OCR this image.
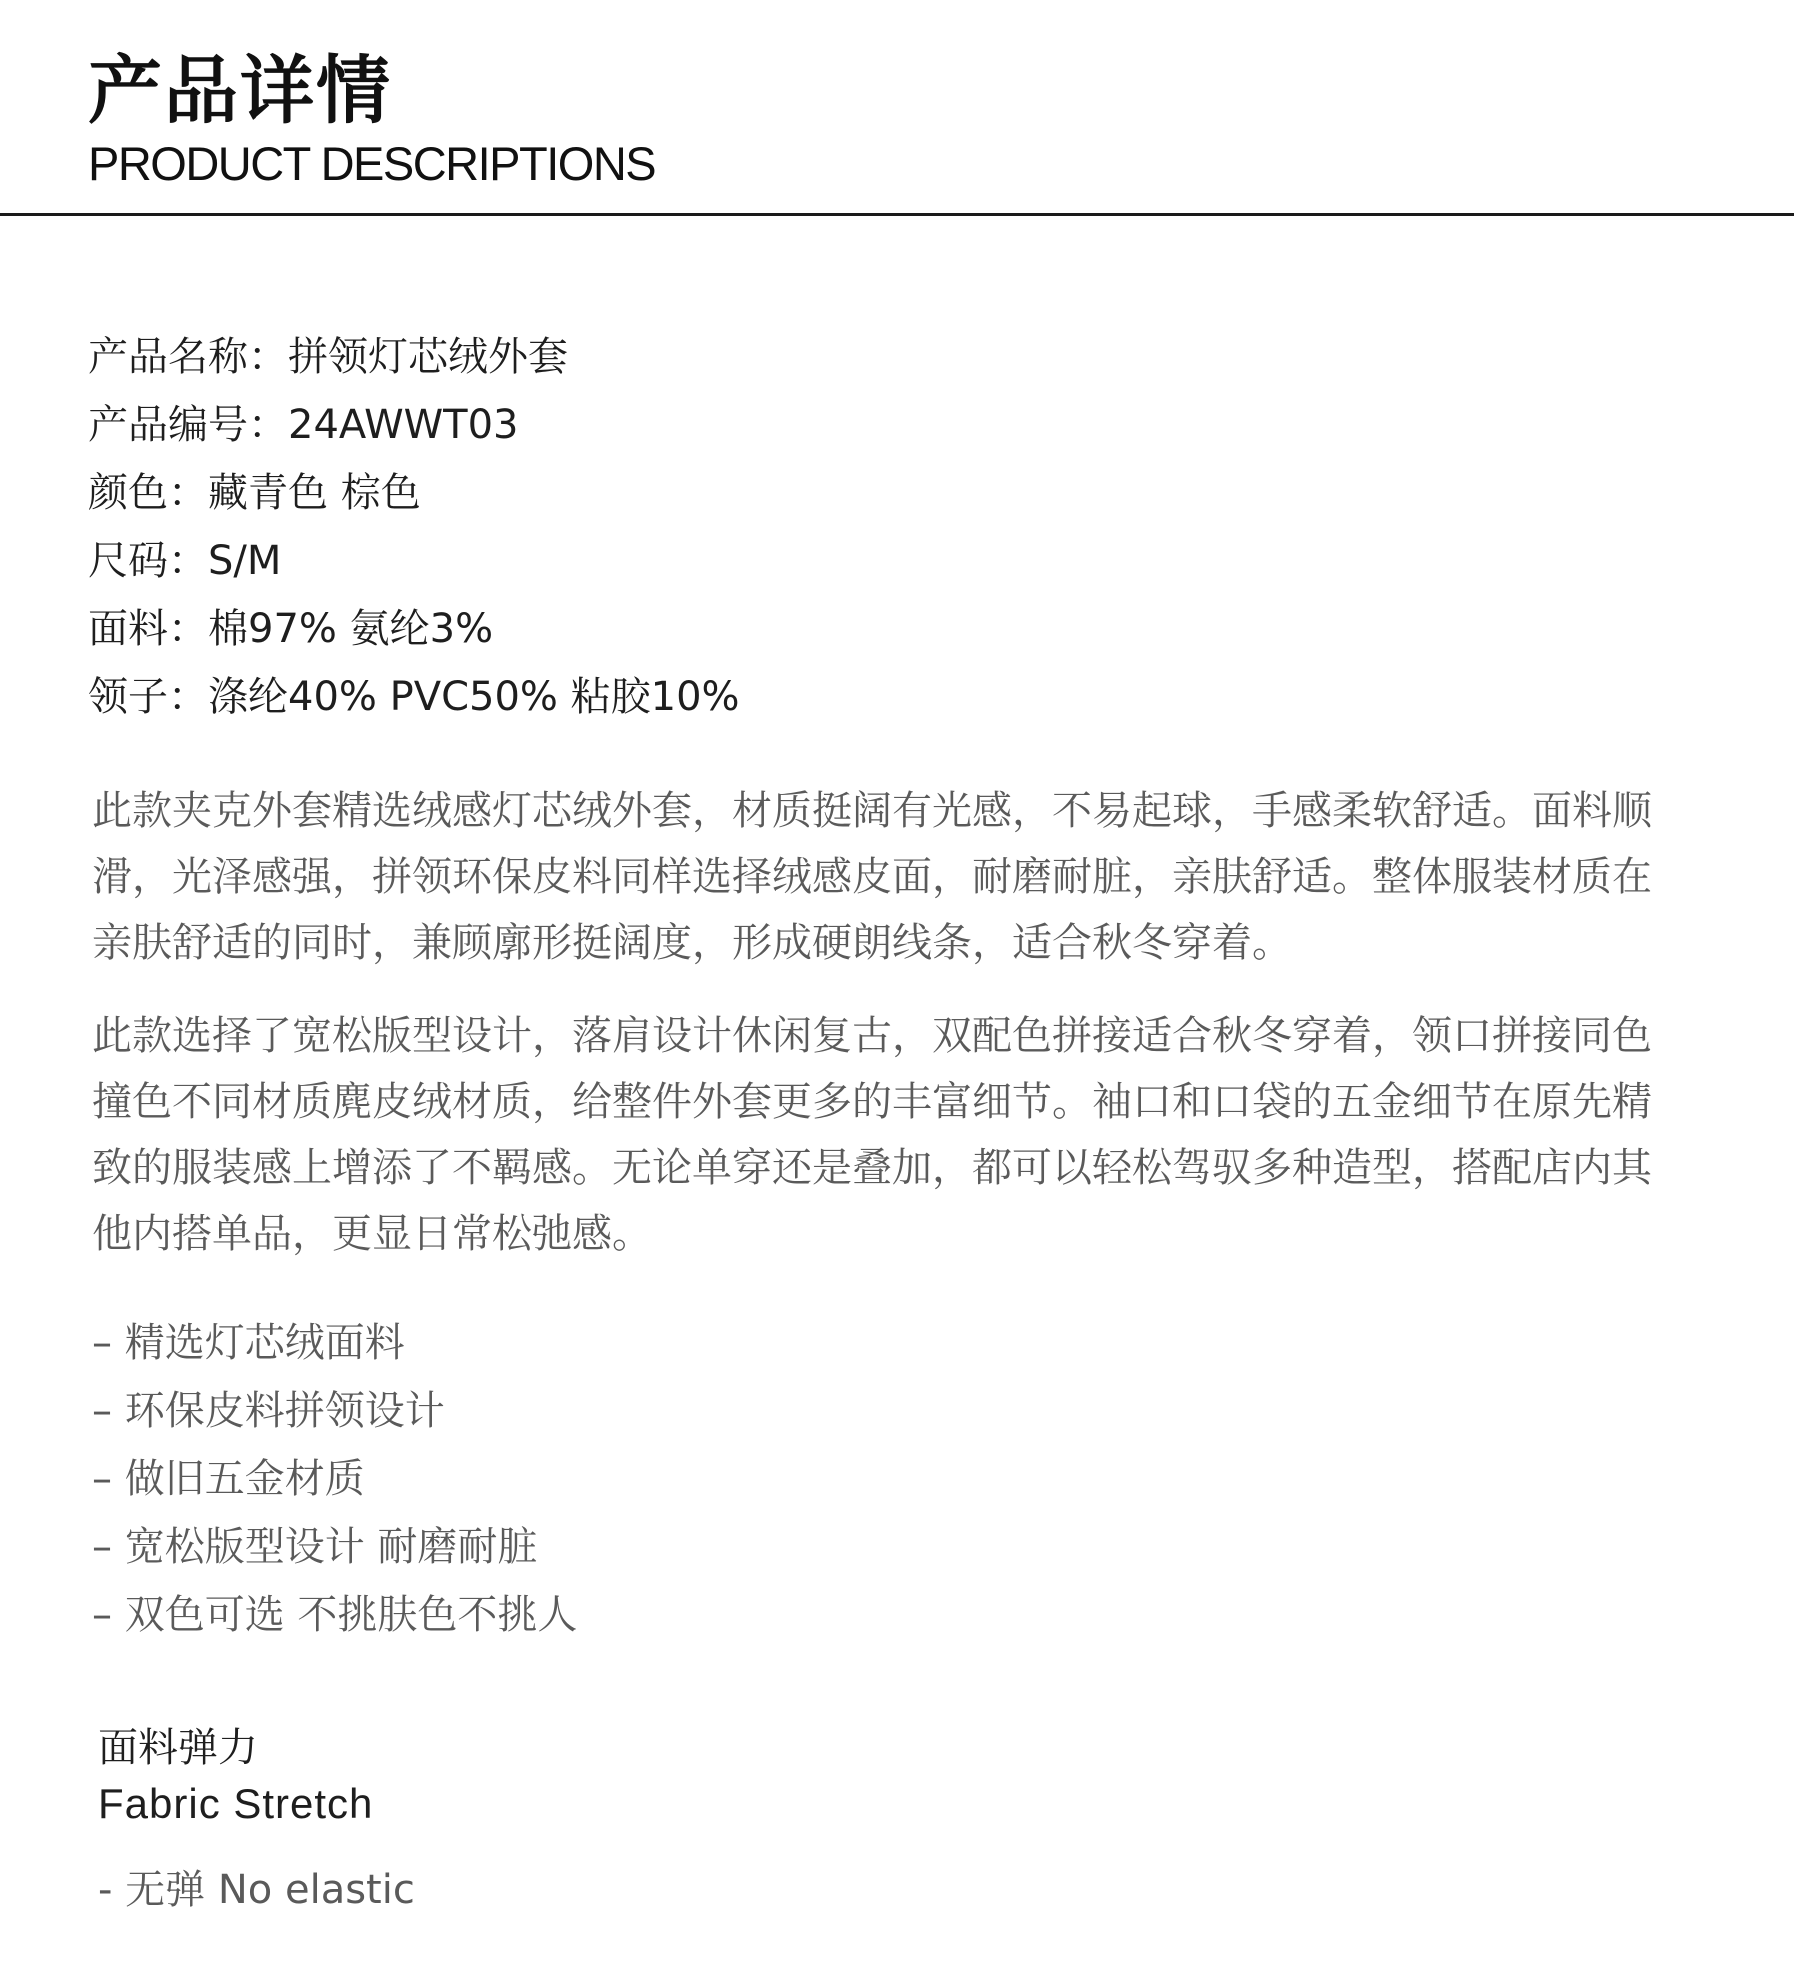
产品详情
PRODUCT DESCRIPTIONS
产品名称：拼领灯芯绒外套
产品编号：24AWWT03
颜色：藏青色 棕色
尺码：S/M
面料：棉97% 氨纶3%
领子：涤纶40% PVC50% 粘胶10%

此款夹克外套精选绒感灯芯绒外套，材质挺阔有光感，不易起球，手感柔软舒适。面料顺滑，光泽感强，拼领环保皮料同样选择绒感皮面，耐磨耐脏，亲肤舒适。整体服装材质在亲肤舒适的同时，兼顾廓形挺阔度，形成硬朗线条，适合秋冬穿着。

此款选择了宽松版型设计，落肩设计休闲复古，双配色拼接适合秋冬穿着，领口拼接同色撞色不同材质麂皮绒材质，给整件外套更多的丰富细节。袖口和口袋的五金细节在原先精致的服装感上增添了不羁感。无论单穿还是叠加，都可以轻松驾驭多种造型，搭配店内其他内搭单品，更显日常松弛感。

– 精选灯芯绒面料
– 环保皮料拼领设计
– 做旧五金材质
– 宽松版型设计 耐磨耐脏
– 双色可选 不挑肤色不挑人
面料弹力
Fabric Stretch
- 无弹 No elastic
